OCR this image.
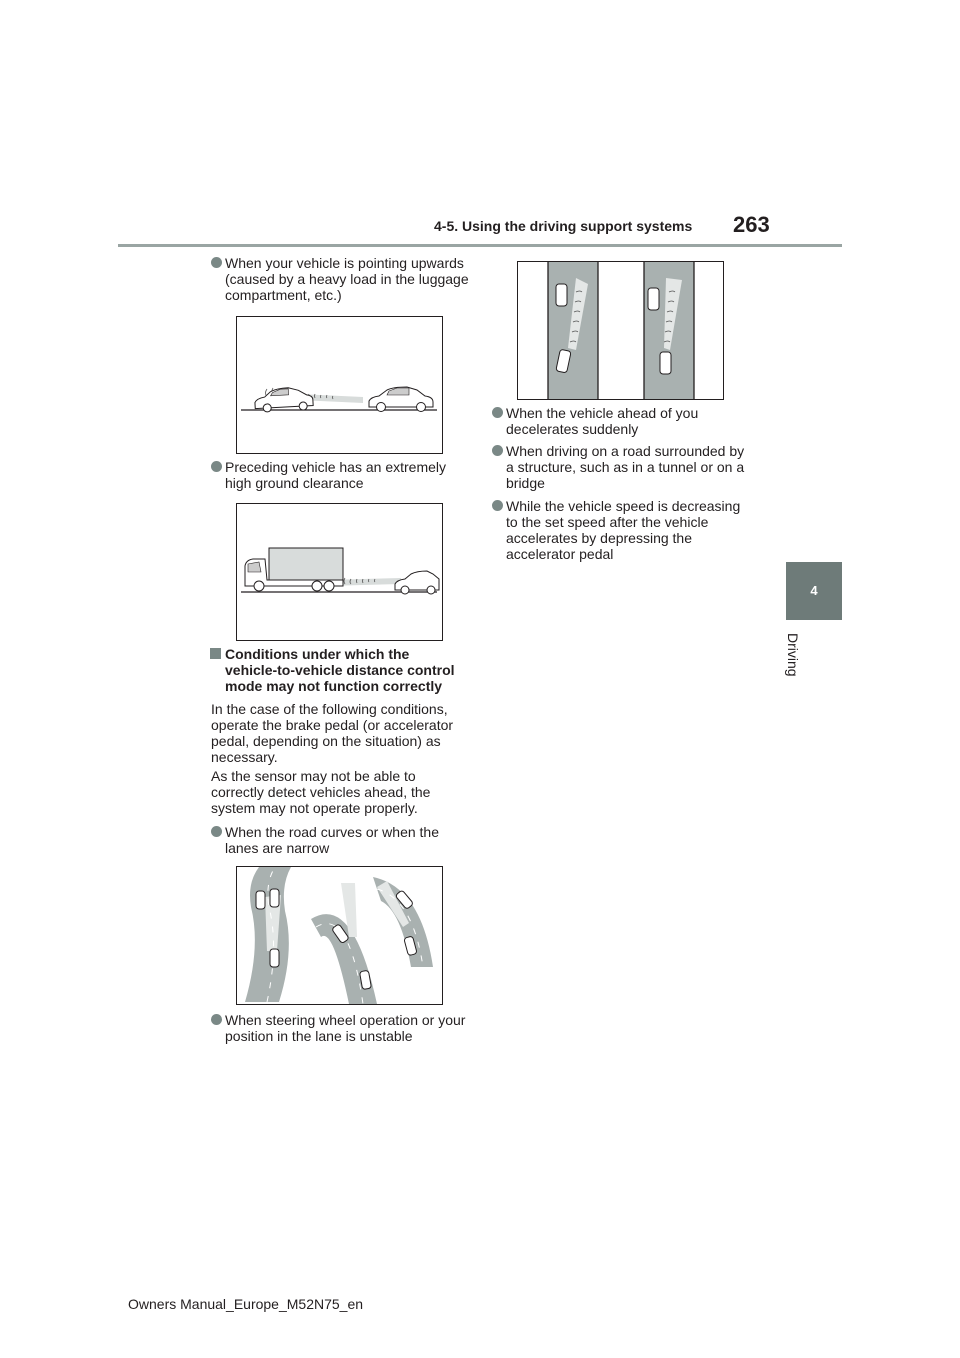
4-5. Using the driving support systems 263
4
Driving
When your vehicle is pointing upwards (caused by a heavy load in the luggage compartment, etc.)
Preceding vehicle has an extremely high ground clearance
Conditions under which the vehicle-to-vehicle distance control mode may not function correctly
In the case of the following conditions, operate the brake pedal (or accelerator pedal, depending on the situation) as necessary.
As the sensor may not be able to correctly detect vehicles ahead, the system may not operate properly.
When the road curves or when the lanes are narrow
When steering wheel operation or your position in the lane is unstable
When the vehicle ahead of you decelerates suddenly
When driving on a road surrounded by a structure, such as in a tunnel or on a bridge
While the vehicle speed is decreasing to the set speed after the vehicle accelerates by depressing the accelerator pedal
Owners Manual_Europe_M52N75_en
